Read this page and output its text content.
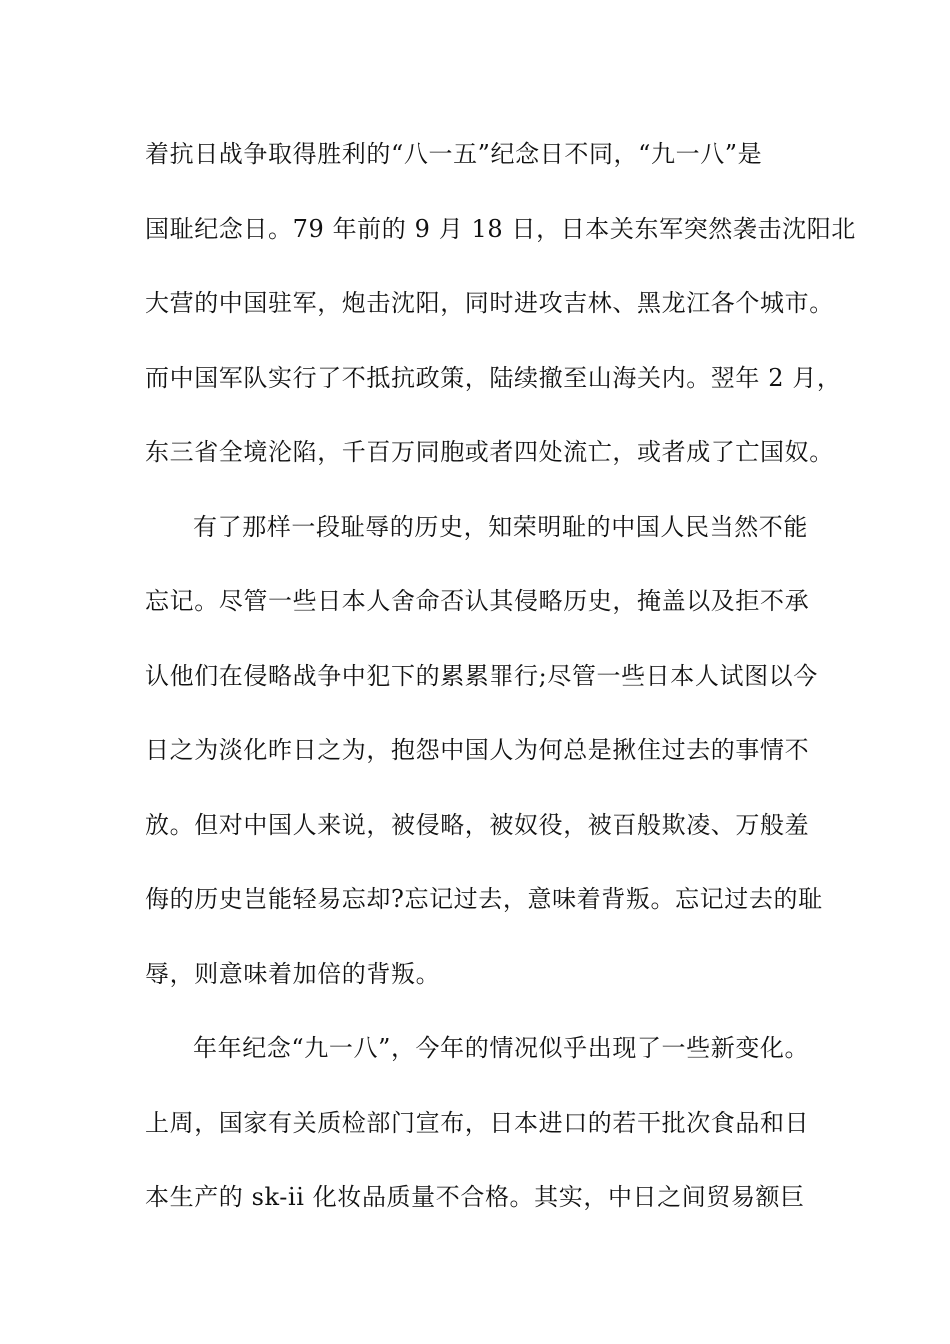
着抗日战争取得胜利的“八一五”纪念日不同，“九一八”是
国耻纪念日。79 年前的 9 月 18 日，日本关东军突然袭击沈阳北
大营的中国驻军，炮击沈阳，同时进攻吉林、黑龙江各个城市。
而中国军队实行了不抵抗政策，陆续撤至山海关内。翌年 2 月，
东三省全境沦陷，千百万同胞或者四处流亡，或者成了亡国奴。
有了那样一段耻辱的历史，知荣明耻的中国人民当然不能
忘记。尽管一些日本人舍命否认其侵略历史，掩盖以及拒不承
认他们在侵略战争中犯下的累累罪行;尽管一些日本人试图以今
日之为淡化昨日之为，抱怨中国人为何总是揪住过去的事情不
放。但对中国人来说，被侵略，被奴役，被百般欺凌、万般羞
侮的历史岂能轻易忘却?忘记过去，意味着背叛。忘记过去的耻
辱，则意味着加倍的背叛。
年年纪念“九一八”，今年的情况似乎出现了一些新变化。
上周，国家有关质检部门宣布，日本进口的若干批次食品和日
本生产的 sk-ii 化妆品质量不合格。其实，中日之间贸易额巨
